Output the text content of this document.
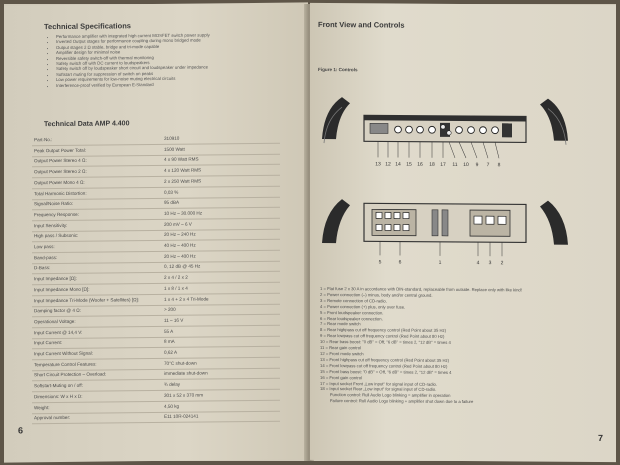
Technical Specifications
• Performance amplifier with integrated high current MOSFET switch power supply
• Inverted Output stages for performance coupling during mono bridged mode
• Output stages 2 Ω stable, bridge and tri-mode capable
• Amplifier design for minimal noise
• Reversible safety switch-off with thermal monitoring
• Safety switch off with DC current to loudspeakers
• Safety switch off by loudspeaker short circuit and loudspeaker under impedance
• Softstart muting for suppression of switch on peaks
• Low power requirements for low-noise muting electrical circuits
• Interference-proof verified by European E-Standard
Technical Data AMP 4.400
Part-No.:	310910
Peak Output Power Total:	1500 Watt
Output Power Stereo 4 Ω:	4 x 90 Watt RMS
Output Power Stereo 2 Ω:	4 x 120 Watt RMS
Output Power Mono 4 Ω:	2 x 250 Watt RMS
Total Harmonic Distortion:	0,03 %
Signal/Noise Ratio:	95 dBA
Frequency Response:	10 Hz – 30.000 Hz
Input Sensitivity:	200 mV – 6 V
High pass / Subsonic:	20 Hz – 240 Hz
Low pass:	40 Hz – 400 Hz
Band-pass:	20 Hz – 400 Hz
D-Bass:	0, 12 dB @ 45 Hz
Input Impedance [Ω]:	2 x 4 / 2 x 2
Input Impedance Mono [Ω]:	1 x 8 / 1 x 4
Input Impedance Tri-Mode (Woofer + Satellites) [Ω]:	1 x 4 + 2 x 4 Tri-Mode
Damping factor @ 4 Ω:	> 200
Operational Voltage:	11 – 16 V
Input Current @ 14,4 V:	55 A
Input Current:	8 mA
Input Current Without Signal:	0,62 A
Temperature Control Features:	70°C shut-down
Short Circuit Protection – Overload:	immediate shut-down
Softstart-Muting on / off:	¾ delay
Dimensions: W x H x D:	301 x 52 x 370 mm
Weight:	4,50 kg
Approval number:	E11 10R-024141
6
Front View and Controls
Figure 1: Controls
13 12 14 15 16 18 17 11 10 9 7 8
5	6	1	4 3 2
1 = Flat fuse 2 x 30 A in accordance with DIN-standard, replaceable from outside. Replace only with like kind!
2 = Power connection (–) minus, body and/or central ground.
3 = Remote connection of CD-radio.
4 = Power connection (+) plus, only over fuse.
5 = Front loudspeaker connection.
6 = Rear loudspeaker connection.
7 = Rear mode switch
8 = Rear highpass cut off frequency control (Red Point about 35 Hz)
9 = Rear lowpass cut off frequency control (Red Point about 80 Hz)
10 = Rear bass boost: "0 dB" = Off, "6 dB" = times 2, "12 dB" = times 4
11 = Rear gain control
12 = Front mode switch
13 = Front highpass cut off frequency control (Red Point about 35 Hz)
14 = Front lowpass cut off frequency control (Red Point about 80 Hz)
15 = Front bass boost: "0 dB" = Off, "6 dB" = times 2, "12 dB" = times 4
16 = Front gain control
17 = Input socket Front „Low input" for signal input of CD-radio.
18 = Input socket Rear „Low input" for signal input of CD-radio.
Function control: Rull Audio Logo blinking = amplifier in operation
Failure control: Rull Audio Logo blinking + amplifier shut down due to a failure
7
